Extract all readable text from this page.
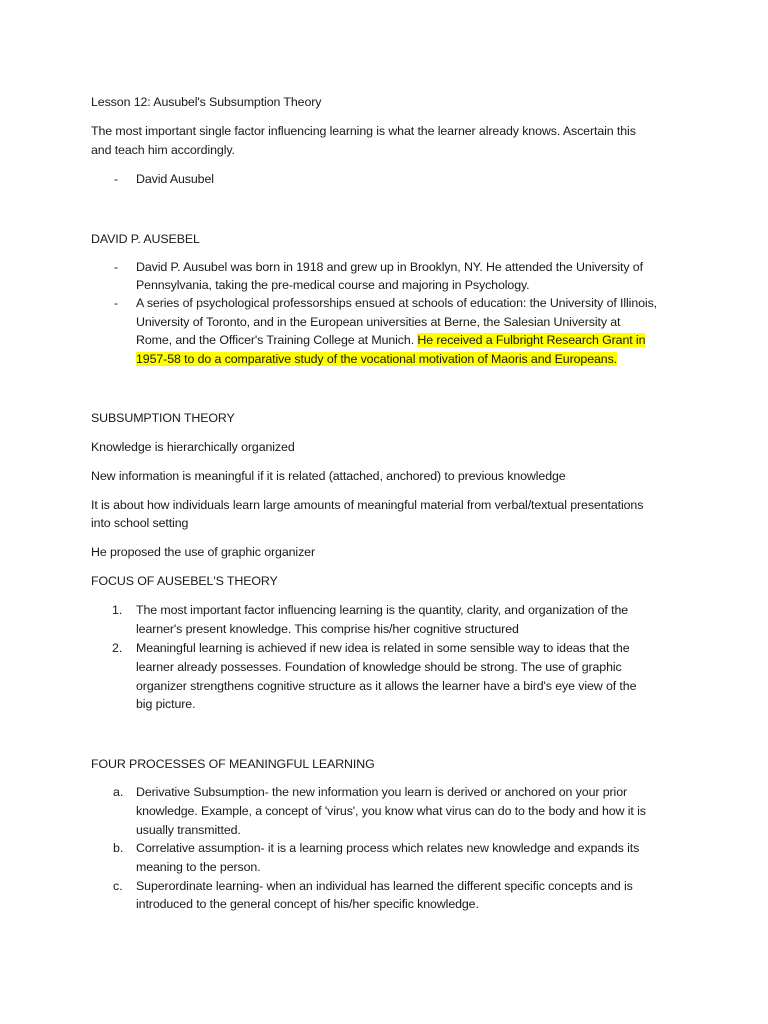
Lesson 12: Ausubel's Subsumption Theory
The most important single factor influencing learning is what the learner already knows. Ascertain this
and teach him accordingly.
- David Ausubel
DAVID P. AUSEBEL
- David P. Ausubel was born in 1918 and grew up in Brooklyn, NY. He attended the University of
Pennsylvania, taking the pre-medical course and majoring in Psychology.
- A series of psychological professorships ensued at schools of education: the University of Illinois,
University of Toronto, and in the European universities at Berne, the Salesian University at
Rome, and the Officer's Training College at Munich. He received a Fulbright Research Grant in
1957-58 to do a comparative study of the vocational motivation of Maoris and Europeans.
SUBSUMPTION THEORY
Knowledge is hierarchically organized
New information is meaningful if it is related (attached, anchored) to previous knowledge
It is about how individuals learn large amounts of meaningful material from verbal/textual presentations
into school setting
He proposed the use of graphic organizer
FOCUS OF AUSEBEL'S THEORY
1. The most important factor influencing learning is the quantity, clarity, and organization of the
learner's present knowledge. This comprise his/her cognitive structured
2. Meaningful learning is achieved if new idea is related in some sensible way to ideas that the
learner already possesses. Foundation of knowledge should be strong. The use of graphic
organizer strengthens cognitive structure as it allows the learner have a bird's eye view of the
big picture.
FOUR PROCESSES OF MEANINGFUL LEARNING
a. Derivative Subsumption- the new information you learn is derived or anchored on your prior
knowledge. Example, a concept of 'virus', you know what virus can do to the body and how it is
usually transmitted.
b. Correlative assumption- it is a learning process which relates new knowledge and expands its
meaning to the person.
c. Superordinate learning- when an individual has learned the different specific concepts and is
introduced to the general concept of his/her specific knowledge.
